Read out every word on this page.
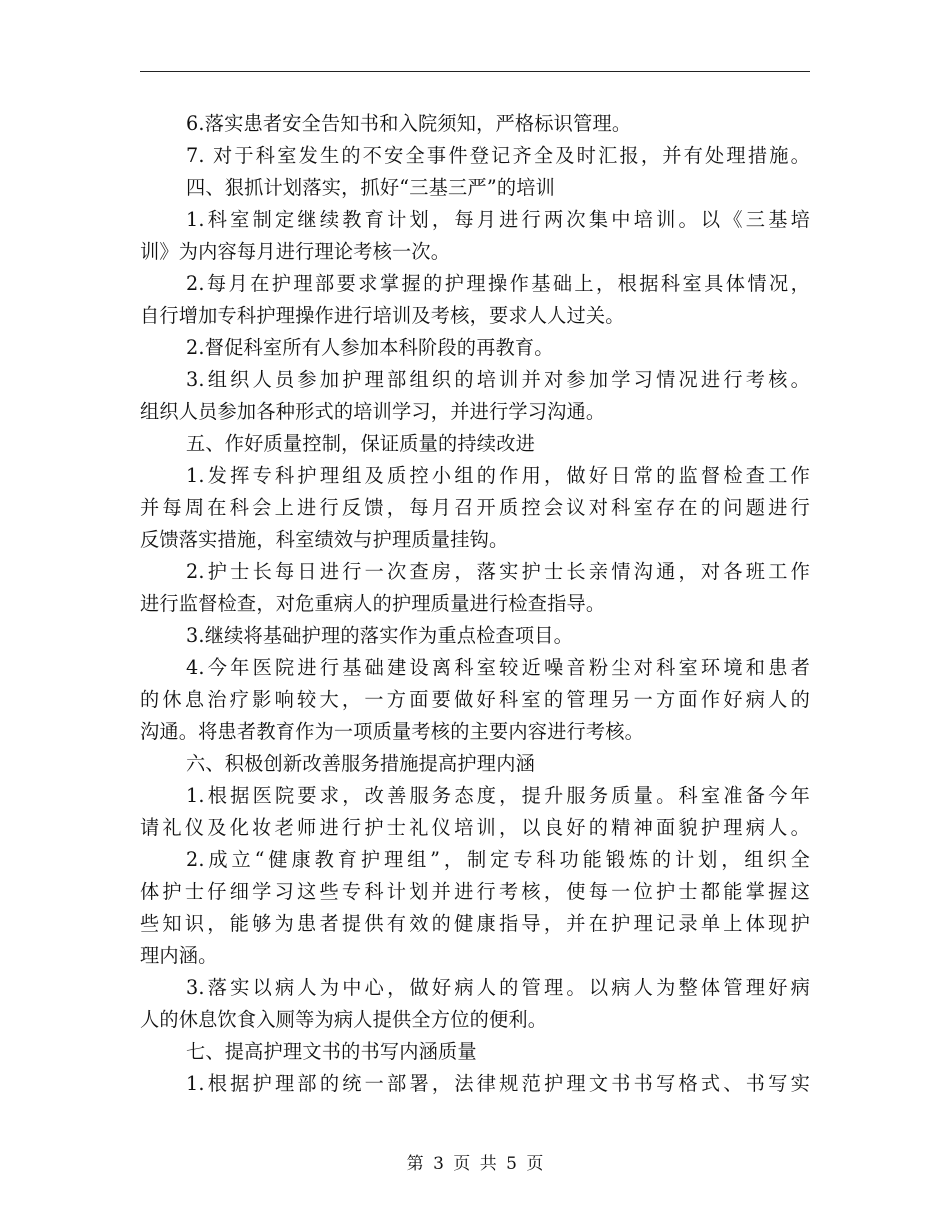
6.落实患者安全告知书和入院须知，严格标识管理。
7. 对于科室发生的不安全事件登记齐全及时汇报，并有处理措施。
四、狠抓计划落实，抓好“三基三严”的培训
1.科室制定继续教育计划，每月进行两次集中培训。以《三基培
训》为内容每月进行理论考核一次。
2.每月在护理部要求掌握的护理操作基础上，根据科室具体情况，
自行增加专科护理操作进行培训及考核，要求人人过关。
2.督促科室所有人参加本科阶段的再教育。
3.组织人员参加护理部组织的培训并对参加学习情况进行考核。
组织人员参加各种形式的培训学习，并进行学习沟通。
五、作好质量控制，保证质量的持续改进
1.发挥专科护理组及质控小组的作用，做好日常的监督检查工作
并每周在科会上进行反馈，每月召开质控会议对科室存在的问题进行
反馈落实措施，科室绩效与护理质量挂钩。
2.护士长每日进行一次查房，落实护士长亲情沟通，对各班工作
进行监督检查，对危重病人的护理质量进行检查指导。
3.继续将基础护理的落实作为重点检查项目。
4.今年医院进行基础建设离科室较近噪音粉尘对科室环境和患者
的休息治疗影响较大，一方面要做好科室的管理另一方面作好病人的
沟通。将患者教育作为一项质量考核的主要内容进行考核。
六、积极创新改善服务措施提高护理内涵
1.根据医院要求，改善服务态度，提升服务质量。科室准备今年
请礼仪及化妆老师进行护士礼仪培训，以良好的精神面貌护理病人。
2.成立“健康教育护理组”，制定专科功能锻炼的计划，组织全
体护士仔细学习这些专科计划并进行考核，使每一位护士都能掌握这
些知识，能够为患者提供有效的健康指导，并在护理记录单上体现护
理内涵。
3.落实以病人为中心，做好病人的管理。以病人为整体管理好病
人的休息饮食入厕等为病人提供全方位的便利。
七、提高护理文书的书写内涵质量
1.根据护理部的统一部署，法律规范护理文书书写格式、书写实
第 3 页 共 5 页
